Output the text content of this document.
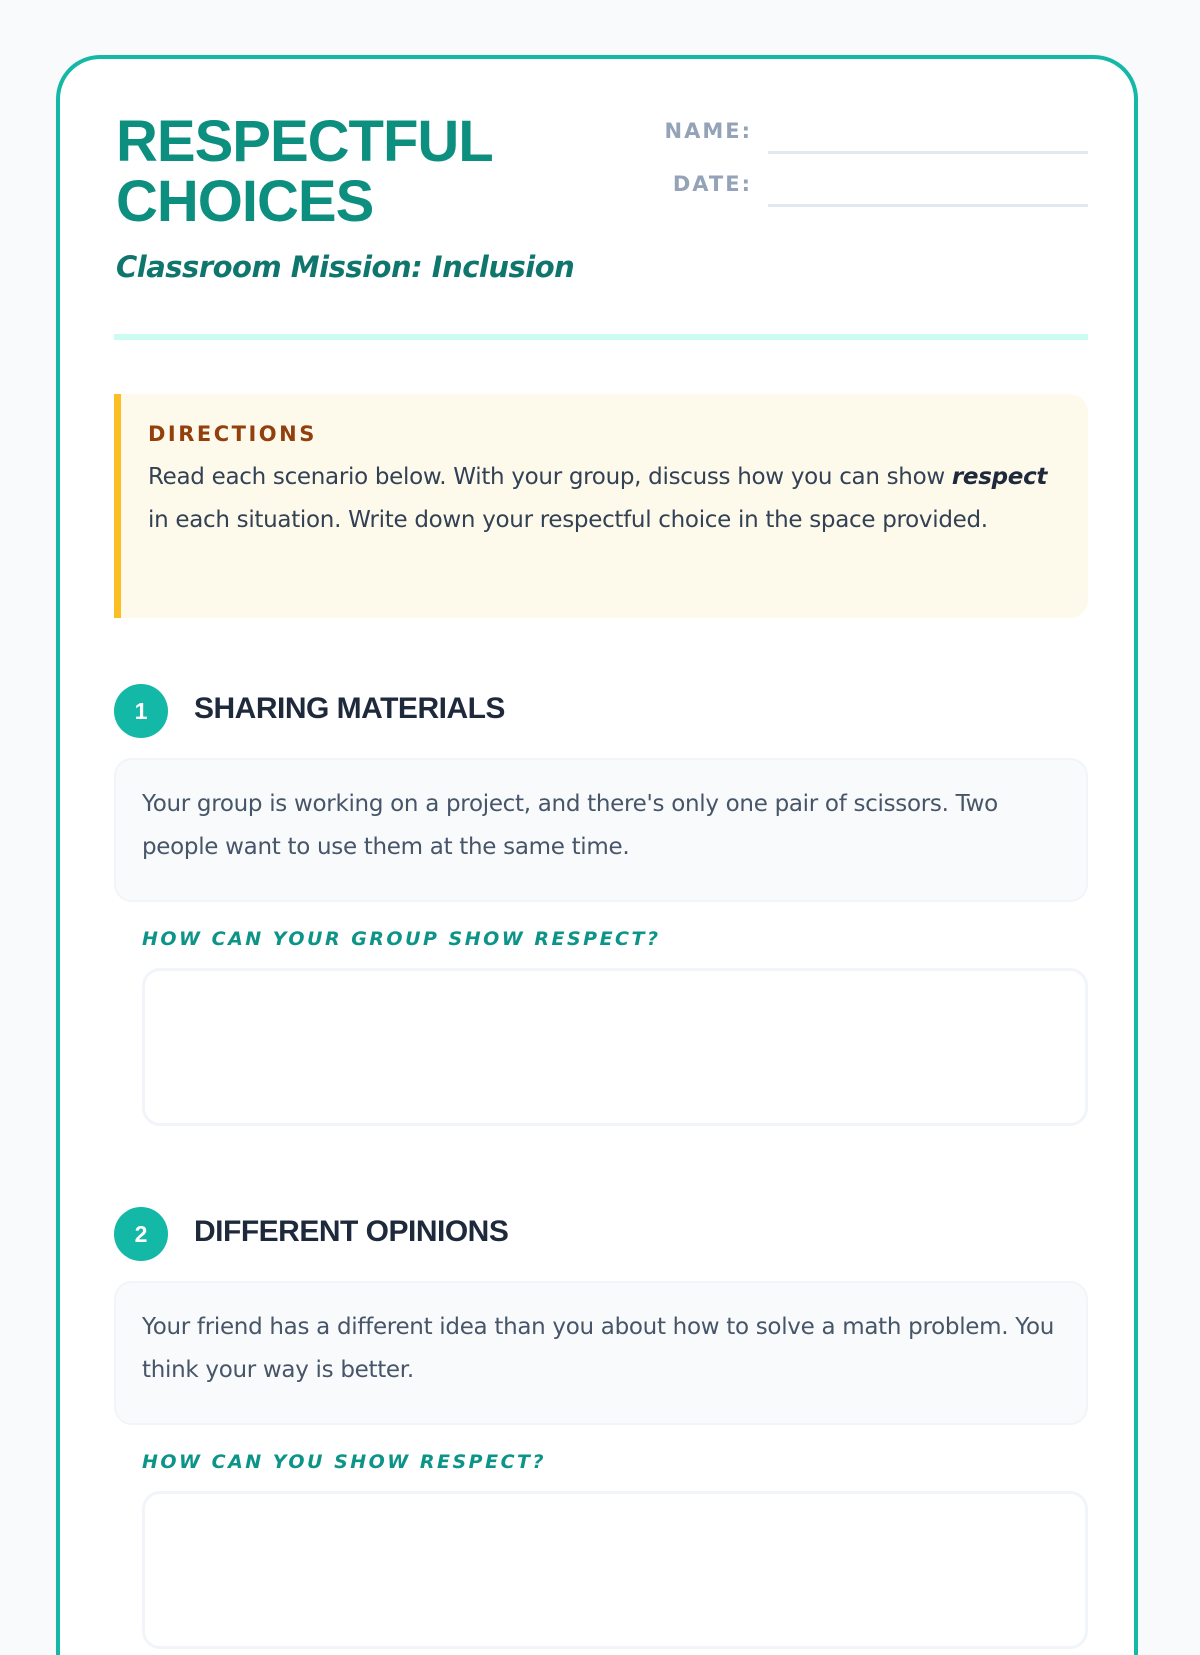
RESPECTFUL
CHOICES
Classroom Mission: Inclusion
NAME:
DATE:
DIRECTIONS
Read each scenario below. With your group, discuss how you can show respect in each situation. Write down your respectful choice in the space provided.
1	SHARING MATERIALS
Your group is working on a project, and there's only one pair of scissors. Two people want to use them at the same time.
HOW CAN YOUR GROUP SHOW RESPECT?
2	DIFFERENT OPINIONS
Your friend has a different idea than you about how to solve a math problem. You think your way is better.
HOW CAN YOU SHOW RESPECT?
